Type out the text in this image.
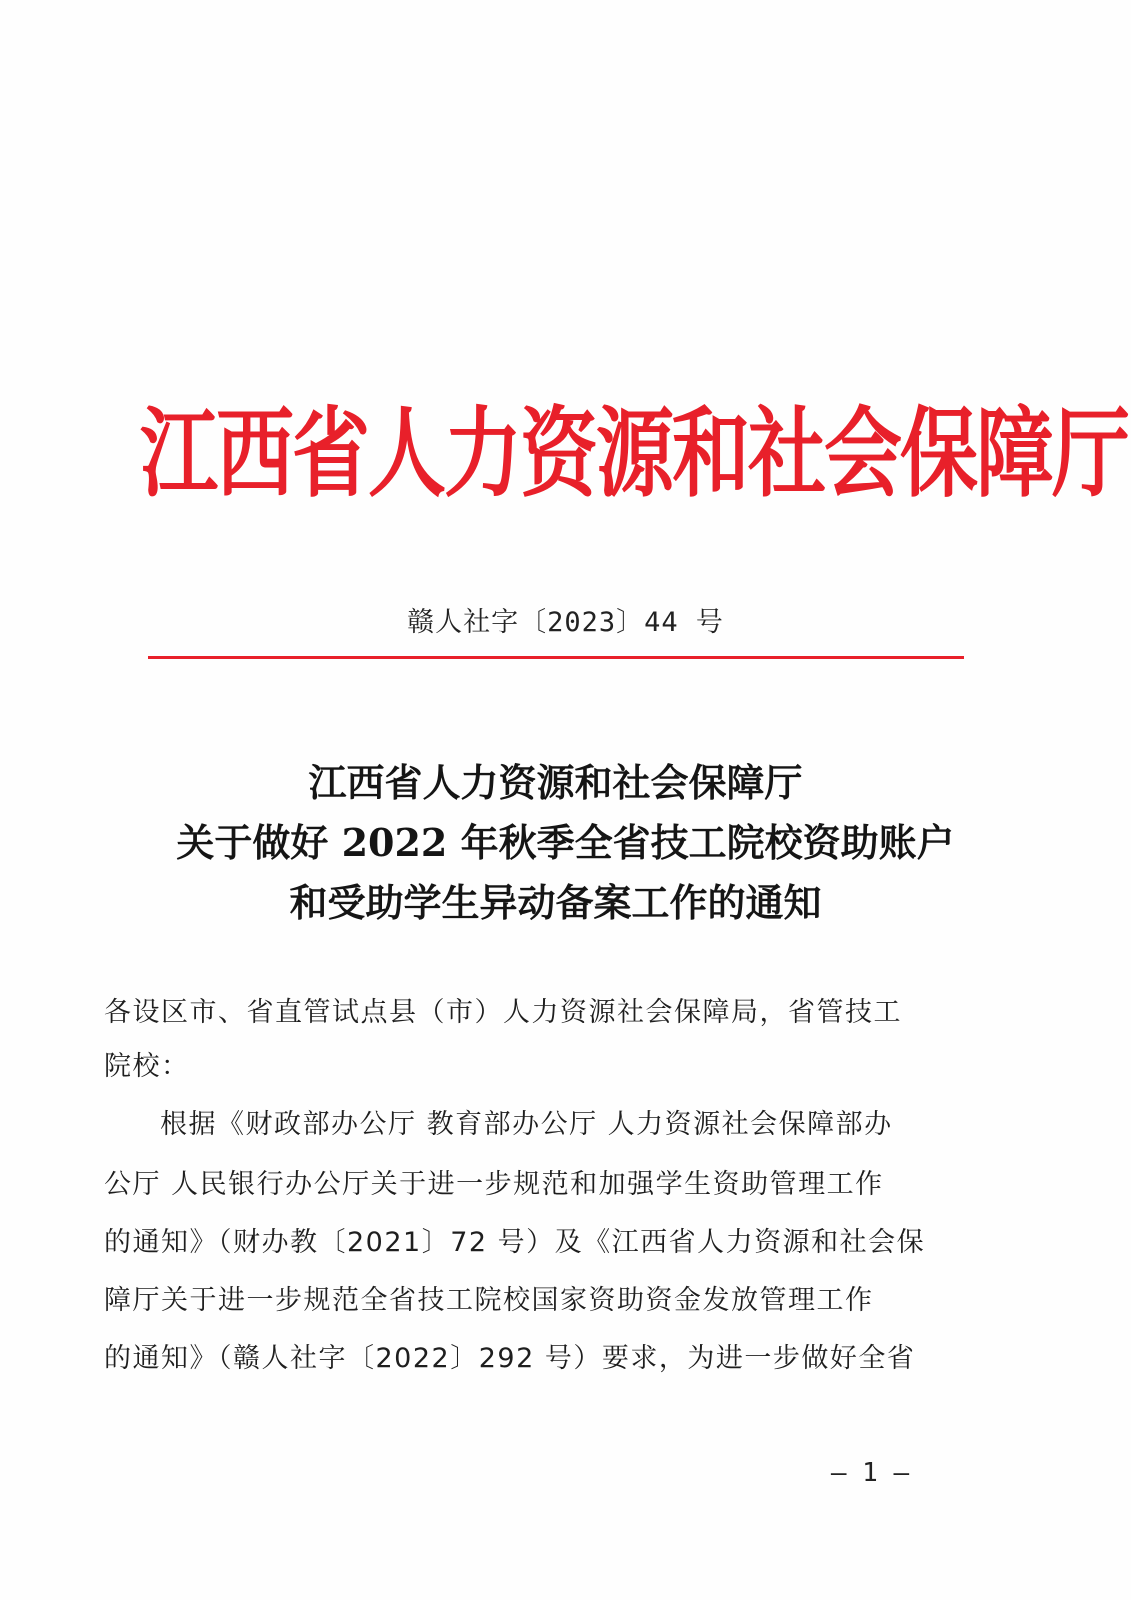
江西省人力资源和社会保障厅
赣人社字〔2023〕44 号
江西省人力资源和社会保障厅
关于做好 2022 年秋季全省技工院校资助账户
和受助学生异动备案工作的通知
各设区市、省直管试点县（市）人力资源社会保障局，省管技工
院校：
根据《财政部办公厅 教育部办公厅 人力资源社会保障部办
公厅 人民银行办公厅关于进一步规范和加强学生资助管理工作
的通知》（财办教〔2021〕72 号）及《江西省人力资源和社会保
障厅关于进一步规范全省技工院校国家资助资金发放管理工作
的通知》（赣人社字〔2022〕292 号）要求，为进一步做好全省
— 1 —
